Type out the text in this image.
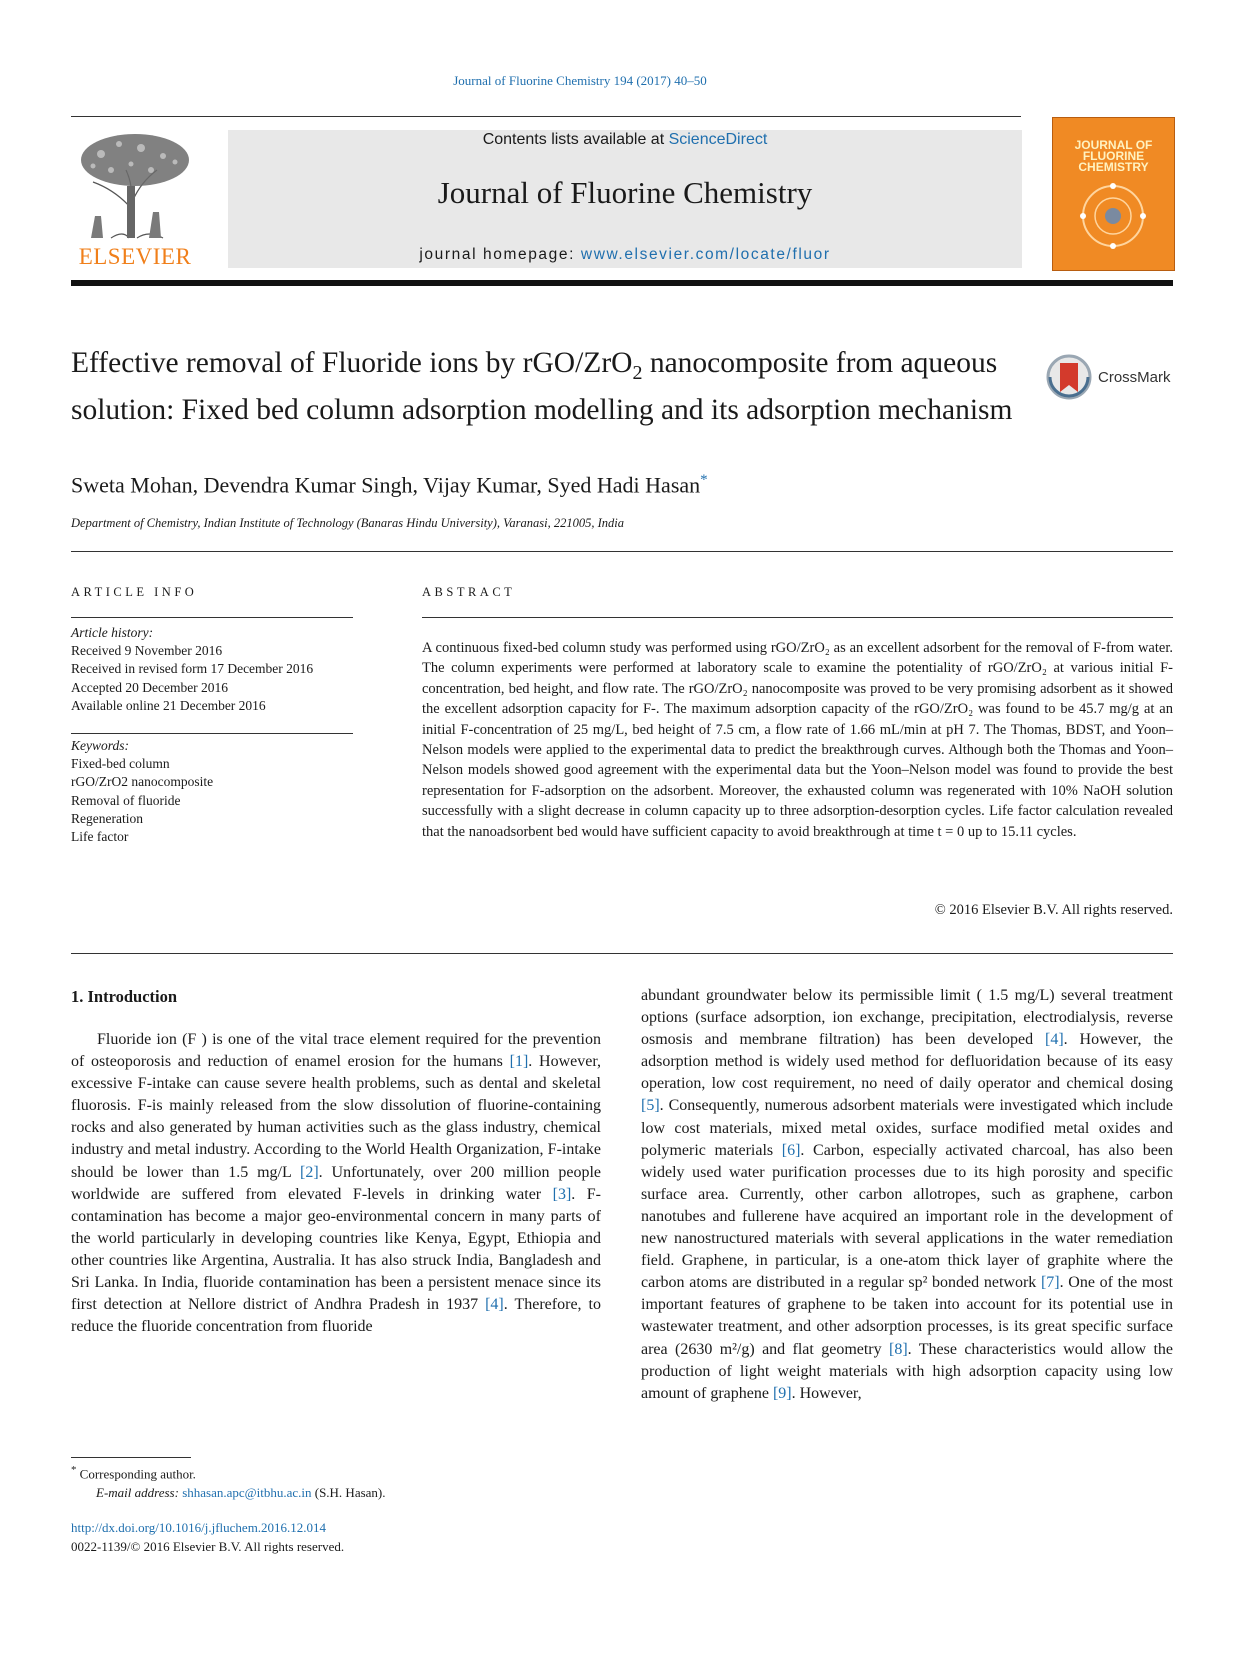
Journal of Fluorine Chemistry 194 (2017) 40–50
ELSEVIER
Contents lists available at ScienceDirect
Journal of Fluorine Chemistry
journal homepage: www.elsevier.com/locate/fluor
JOURNAL OF FLUORINE CHEMISTRY
Effective removal of Fluoride ions by rGO/ZrO$_2$ nanocomposite from aqueous solution: Fixed bed column adsorption modelling and its adsorption mechanism
CrossMark
Sweta Mohan, Devendra Kumar Singh, Vijay Kumar, Syed Hadi Hasan*
Department of Chemistry, Indian Institute of Technology (Banaras Hindu University), Varanasi, 221005, India
ARTICLE INFO	ABSTRACT
Article history:
Received 9 November 2016
Received in revised form 17 December 2016
Accepted 20 December 2016
Available online 21 December 2016
Keywords:
Fixed-bed column
rGO/ZrO2 nanocomposite
Removal of fluoride
Regeneration
Life factor
A continuous fixed-bed column study was performed using rGO/ZrO₂ as an excellent adsorbent for the removal of F-from water. The column experiments were performed at laboratory scale to examine the potentiality of rGO/ZrO₂ at various initial F-concentration, bed height, and flow rate. The rGO/ZrO₂ nanocomposite was proved to be very promising adsorbent as it showed the excellent adsorption capacity for F-. The maximum adsorption capacity of the rGO/ZrO₂ was found to be 45.7 mg/g at an initial F-concentration of 25 mg/L, bed height of 7.5 cm, a flow rate of 1.66 mL/min at pH 7. The Thomas, BDST, and Yoon–Nelson models were applied to the experimental data to predict the breakthrough curves. Although both the Thomas and Yoon–Nelson models showed good agreement with the experimental data but the Yoon–Nelson model was found to provide the best representation for F-adsorption on the adsorbent. Moreover, the exhausted column was regenerated with 10% NaOH solution successfully with a slight decrease in column capacity up to three adsorption-desorption cycles. Life factor calculation revealed that the nanoadsorbent bed would have sufficient capacity to avoid breakthrough at time t = 0 up to 15.11 cycles.
© 2016 Elsevier B.V. All rights reserved.
1. Introduction
Fluoride ion (F ) is one of the vital trace element required for the prevention of osteoporosis and reduction of enamel erosion for the humans [1]. However, excessive F-intake can cause severe health problems, such as dental and skeletal fluorosis. F-is mainly released from the slow dissolution of fluorine-containing rocks and also generated by human activities such as the glass industry, chemical industry and metal industry. According to the World Health Organization, F-intake should be lower than 1.5 mg/L [2]. Unfortunately, over 200 million people worldwide are suffered from elevated F-levels in drinking water [3]. F-contamination has become a major geo-environmental concern in many parts of the world particularly in developing countries like Kenya, Egypt, Ethiopia and other countries like Argentina, Australia. It has also struck India, Bangladesh and Sri Lanka. In India, fluoride contamination has been a persistent menace since its first detection at Nellore district of Andhra Pradesh in 1937 [4]. Therefore, to reduce the fluoride concentration from fluoride
abundant groundwater below its permissible limit ( 1.5 mg/L) several treatment options (surface adsorption, ion exchange, precipitation, electrodialysis, reverse osmosis and membrane filtration) has been developed [4]. However, the adsorption method is widely used method for defluoridation because of its easy operation, low cost requirement, no need of daily operator and chemical dosing [5]. Consequently, numerous adsorbent materials were investigated which include low cost materials, mixed metal oxides, surface modified metal oxides and polymeric materials [6]. Carbon, especially activated charcoal, has also been widely used water purification processes due to its high porosity and specific surface area. Currently, other carbon allotropes, such as graphene, carbon nanotubes and fullerene have acquired an important role in the development of new nanostructured materials with several applications in the water remediation field. Graphene, in particular, is a one-atom thick layer of graphite where the carbon atoms are distributed in a regular sp² bonded network [7]. One of the most important features of graphene to be taken into account for its potential use in wastewater treatment, and other adsorption processes, is its great specific surface area (2630 m²/g) and flat geometry [8]. These characteristics would allow the production of light weight materials with high adsorption capacity using low amount of graphene [9]. However,
* Corresponding author.
E-mail address: shhasan.apc@itbhu.ac.in (S.H. Hasan).
http://dx.doi.org/10.1016/j.jfluchem.2016.12.014
0022-1139/© 2016 Elsevier B.V. All rights reserved.
